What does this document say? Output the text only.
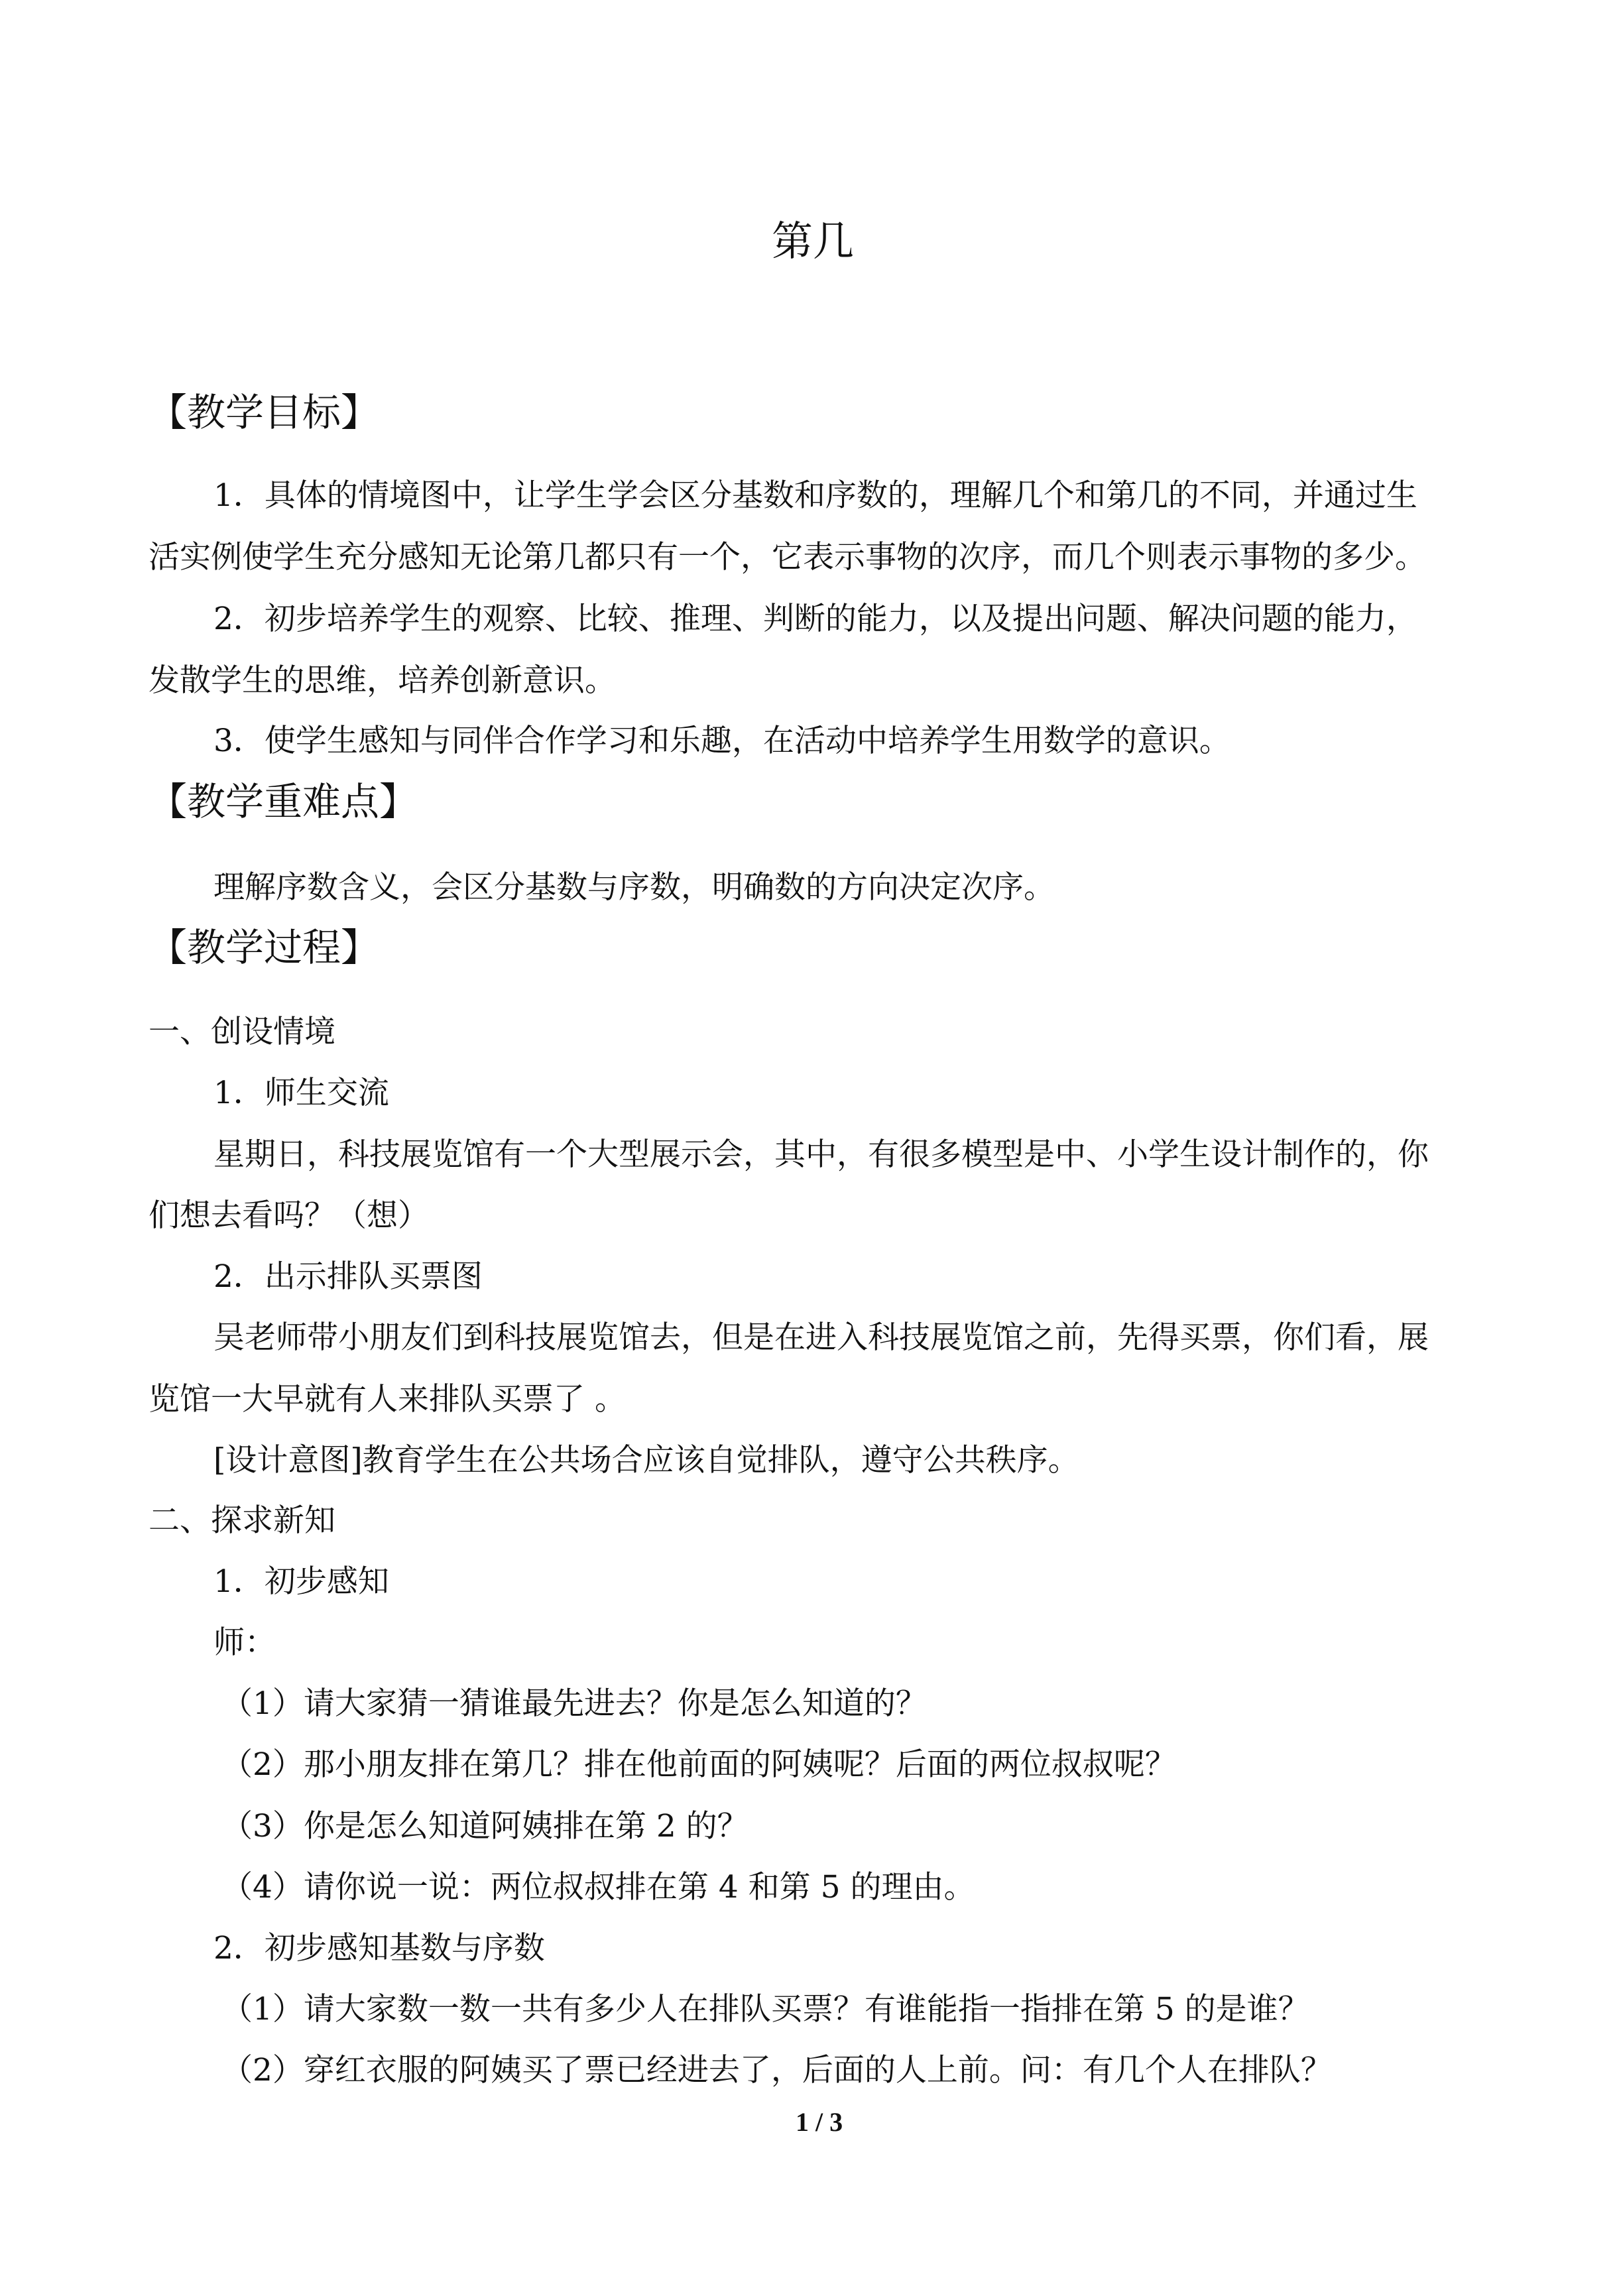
第几
【教学目标】
1．具体的情境图中，让学生学会区分基数和序数的，理解几个和第几的不同，并通过生
活实例使学生充分感知无论第几都只有一个，它表示事物的次序，而几个则表示事物的多少。
2．初步培养学生的观察、比较、推理、判断的能力，以及提出问题、解决问题的能力，
发散学生的思维，培养创新意识。
3．使学生感知与同伴合作学习和乐趣，在活动中培养学生用数学的意识。
【教学重难点】
理解序数含义，会区分基数与序数，明确数的方向决定次序。
【教学过程】
一、创设情境
1．师生交流
星期日，科技展览馆有一个大型展示会，其中，有很多模型是中、小学生设计制作的，你
们想去看吗？（想）
2．出示排队买票图
吴老师带小朋友们到科技展览馆去，但是在进入科技展览馆之前，先得买票，你们看，展
览馆一大早就有人来排队买票了 。
[设计意图]教育学生在公共场合应该自觉排队，遵守公共秩序。
二、探求新知
1．初步感知
师：
（1）请大家猜一猜谁最先进去？你是怎么知道的？
（2）那小朋友排在第几？排在他前面的阿姨呢？后面的两位叔叔呢？
（3）你是怎么知道阿姨排在第 2 的？
（4）请你说一说：两位叔叔排在第 4 和第 5 的理由。
2．初步感知基数与序数
（1）请大家数一数一共有多少人在排队买票？有谁能指一指排在第 5 的是谁？
（2）穿红衣服的阿姨买了票已经进去了，后面的人上前。问：有几个人在排队？
1 / 3
